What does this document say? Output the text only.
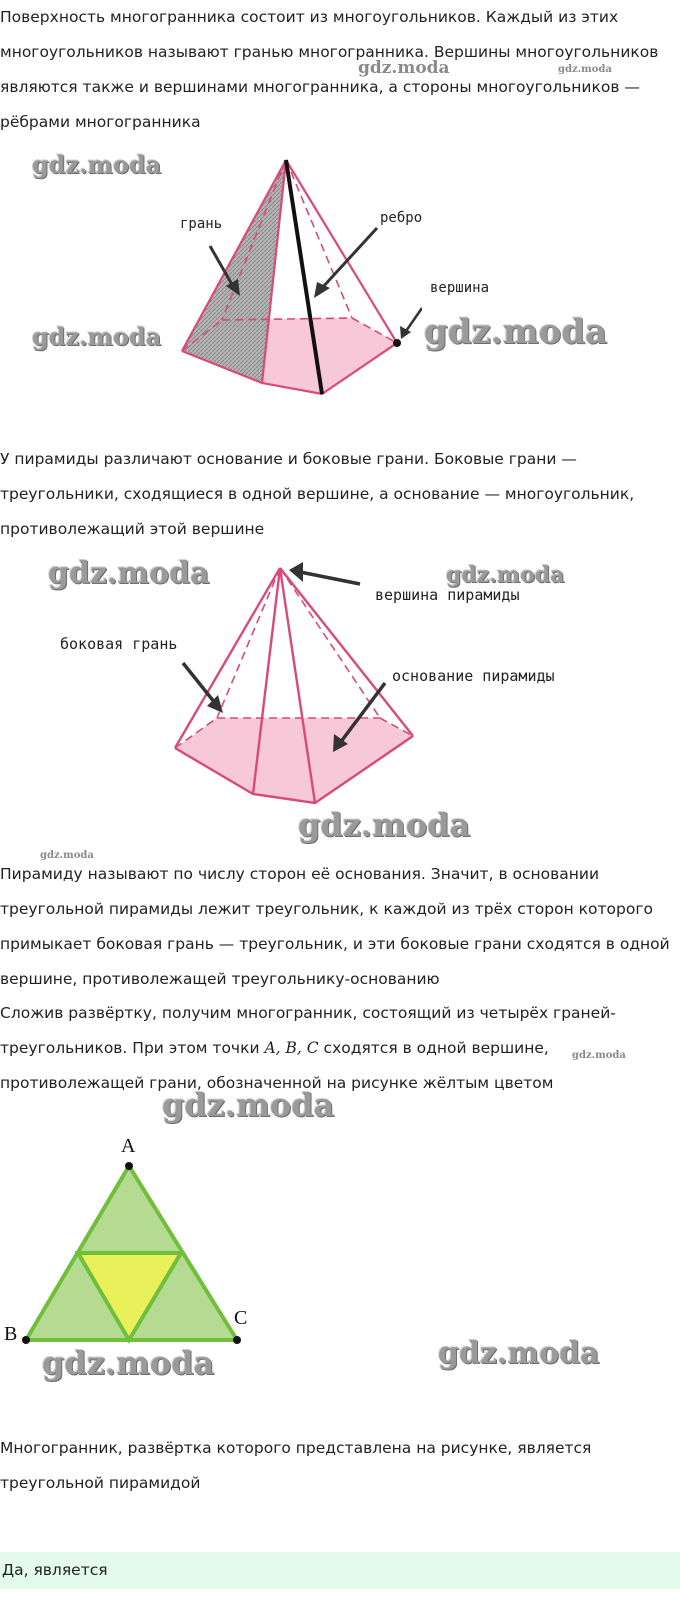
Поверхность многогранника состоит из многоугольников. Каждый из этих многоугольников называют гранью многогранника. Вершины многоугольников являются также и вершинами многогранника, а стороны многоугольников — рёбрами многогранника

грань	ребро
вершина
gdz.moda	gdz.moda
gdz.moda
gdz.moda	gdz.moda

У пирамиды различают основание и боковые грани. Боковые грани — треугольники, сходящиеся в одной вершине, а основание — многоугольник, противолежащий этой вершине

вершина пирамиды
боковая грань
основание пирамиды
gdz.moda	gdz.moda
gdz.moda
gdz.moda

Пирамиду называют по числу сторон её основания. Значит, в основании треугольной пирамиды лежит треугольник, к каждой из трёх сторон которого примыкает боковая грань — треугольник, и эти боковые грани сходятся в одной вершине, противолежащей треугольнику-основанию

Сложив развёртку, получим многогранник, состоящий из четырёх граней-треугольников. При этом точки A, B, C сходятся в одной вершине, противолежащей грани, обозначенной на рисунке жёлтым цветом

gdz.moda
gdz.moda
A
B
C
gdz.moda	gdz.moda

Многогранник, развёртка которого представлена на рисунке, является треугольной пирамидой

Да, является
